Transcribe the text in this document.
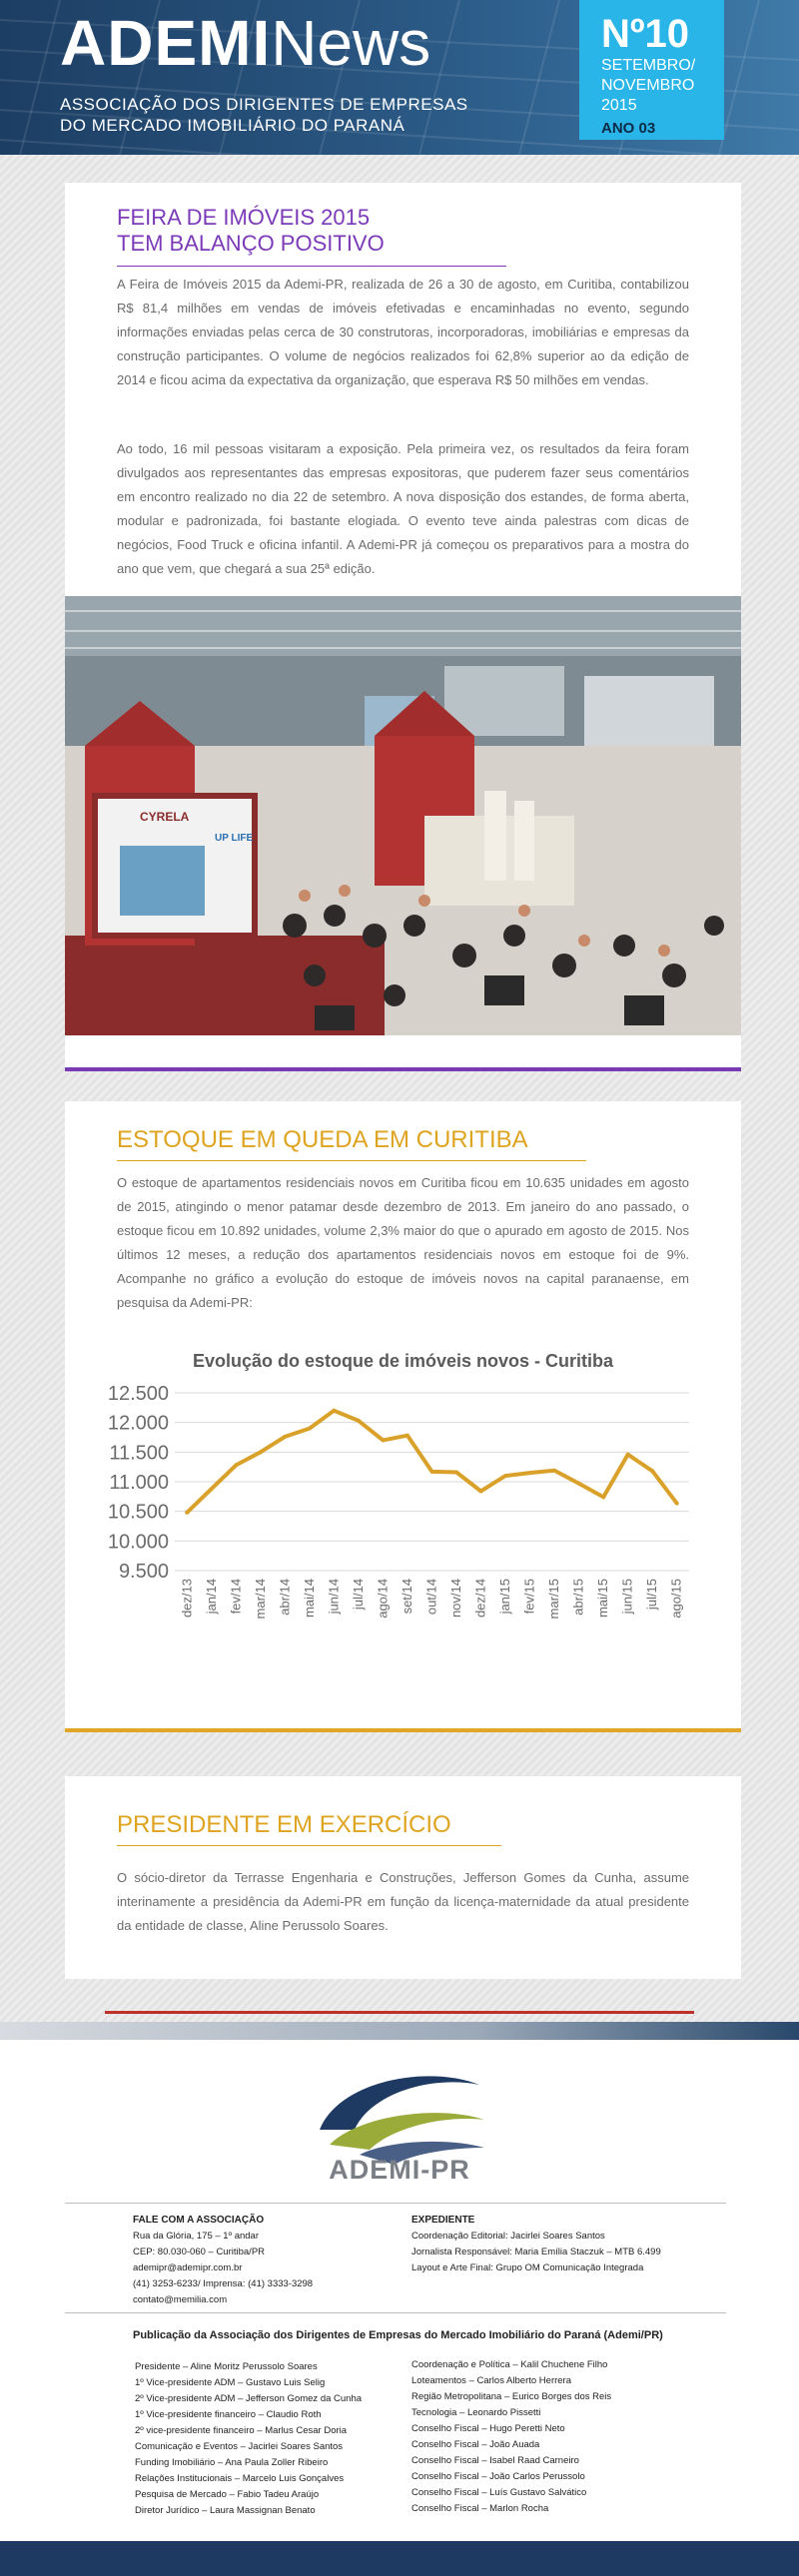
ADEMINews
ASSOCIAÇÃO DOS DIRIGENTES DE EMPRESAS
DO MERCADO IMOBILIÁRIO DO PARANÁ
Nº10
SETEMBRO/
NOVEMBRO
2015
ANO 03
FEIRA DE IMÓVEIS 2015
TEM BALANÇO POSITIVO
A Feira de Imóveis 2015 da Ademi-PR, realizada de 26 a 30 de agosto, em Curitiba, contabilizou R$ 81,4 milhões em vendas de imóveis efetivadas e encaminhadas no evento, segundo informações enviadas pelas cerca de 30 construtoras, incorporadoras, imobiliárias e empresas da construção participantes. O volume de negócios realizados foi 62,8% superior ao da edição de 2014 e ficou acima da expectativa da organização, que esperava R$ 50 milhões em vendas.
Ao todo, 16 mil pessoas visitaram a exposição. Pela primeira vez, os resultados da feira foram divulgados aos representantes das empresas expositoras, que puderem fazer seus comentários em encontro realizado no dia 22 de setembro. A nova disposição dos estandes, de forma aberta, modular e padronizada, foi bastante elogiada. O evento teve ainda palestras com dicas de negócios, Food Truck e oficina infantil. A Ademi-PR já começou os preparativos para a mostra do ano que vem, que chegará a sua 25ª edição.
CYRELA
UP LIFE
ESTOQUE EM QUEDA EM CURITIBA
O estoque de apartamentos residenciais novos em Curitiba ficou em 10.635 unidades em agosto de 2015, atingindo o menor patamar desde dezembro de 2013. Em janeiro do ano passado, o estoque ficou em 10.892 unidades, volume 2,3% maior do que o apurado em agosto de 2015. Nos últimos 12 meses, a redução dos apartamentos residenciais novos em estoque foi de 9%. Acompanhe no gráfico a evolução do estoque de imóveis novos na capital paranaense, em pesquisa da Ademi-PR:
Evolução do estoque de imóveis novos - Curitiba
9.500
10.000
10.500
11.000
11.500
12.000
12.500
dez/13 jan/14 fev/14 mar/14 abr/14 mai/14 jun/14 jul/14 ago/14 set/14 out/14 nov/14 dez/14 jan/15 fev/15 mar/15 abr/15 mai/15 jun/15 jul/15 ago/15
PRESIDENTE EM EXERCÍCIO
O sócio-diretor da Terrasse Engenharia e Construções, Jefferson Gomes da Cunha, assume interinamente a presidência da Ademi-PR em função da licença-maternidade da atual presidente da entidade de classe, Aline Perussolo Soares.
ADEMI-PR
FALE COM A ASSOCIAÇÃO
Rua da Glória, 175 – 1º andar
CEP: 80.030-060 – Curitiba/PR
ademipr@ademipr.com.br
(41) 3253-6233/ Imprensa: (41) 3333-3298
contato@memilia.com
EXPEDIENTE
Coordenação Editorial: Jacirlei Soares Santos
Jornalista Responsável: Maria Emília Staczuk – MTB 6.499
Layout e Arte Final: Grupo OM Comunicação Integrada
Publicação da Associação dos Dirigentes de Empresas do Mercado Imobiliário do Paraná (Ademi/PR)
Presidente – Aline Moritz Perussolo Soares
1º Vice-presidente ADM – Gustavo Luis Selig
2º Vice-presidente ADM – Jefferson Gomez da Cunha
1º Vice-presidente financeiro – Claudio Roth
2º vice-presidente financeiro – Marlus Cesar Doria
Comunicação e Eventos – Jacirlei Soares Santos
Funding Imobiliário – Ana Paula Zoller Ribeiro
Relações Institucionais – Marcelo Luis Gonçalves
Pesquisa de Mercado – Fabio Tadeu Araújo
Diretor Jurídico – Laura Massignan Benato
Coordenação e Política – Kalil Chuchene Filho
Loteamentos – Carlos Alberto Herrera
Região Metropolitana – Eurico Borges dos Reis
Tecnologia – Leonardo Pissetti
Conselho Fiscal – Hugo Peretti Neto
Conselho Fiscal – João Auada
Conselho Fiscal – Isabel Raad Carneiro
Conselho Fiscal – João Carlos Perussolo
Conselho Fiscal – Luís Gustavo Salvático
Conselho Fiscal – Marlon Rocha
